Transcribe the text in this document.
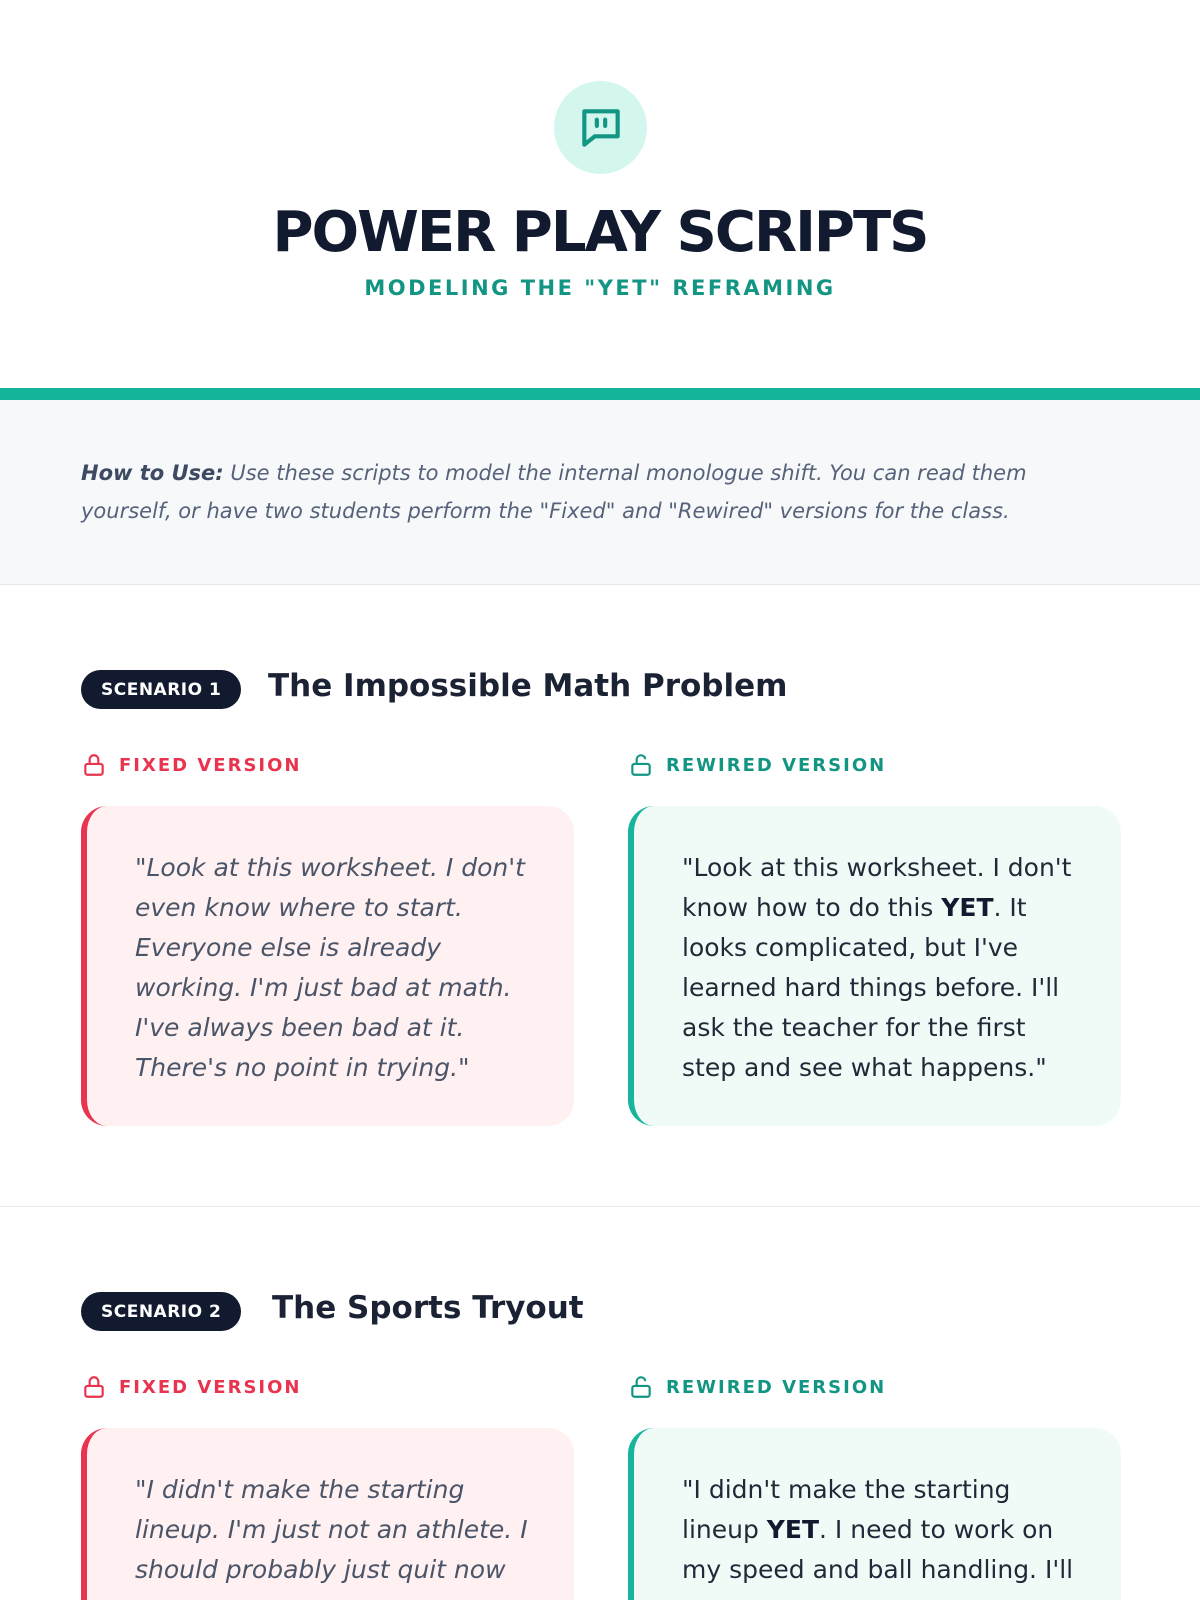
POWER PLAY SCRIPTS
MODELING THE "YET" REFRAMING
How to Use: Use these scripts to model the internal monologue shift. You can read them yourself, or have two students perform the "Fixed" and "Rewired" versions for the class.
SCENARIO 1	The Impossible Math Problem
FIXED VERSION	REWIRED VERSION
"Look at this worksheet. I don't even know where to start. Everyone else is already working. I'm just bad at math. I've always been bad at it. There's no point in trying."
"Look at this worksheet. I don't know how to do this YET. It looks complicated, but I've learned hard things before. I'll ask the teacher for the first step and see what happens."
SCENARIO 2	The Sports Tryout
FIXED VERSION	REWIRED VERSION
"I didn't make the starting lineup. I'm just not an athlete. I should probably just quit now
"I didn't make the starting lineup YET. I need to work on my speed and ball handling. I'll
